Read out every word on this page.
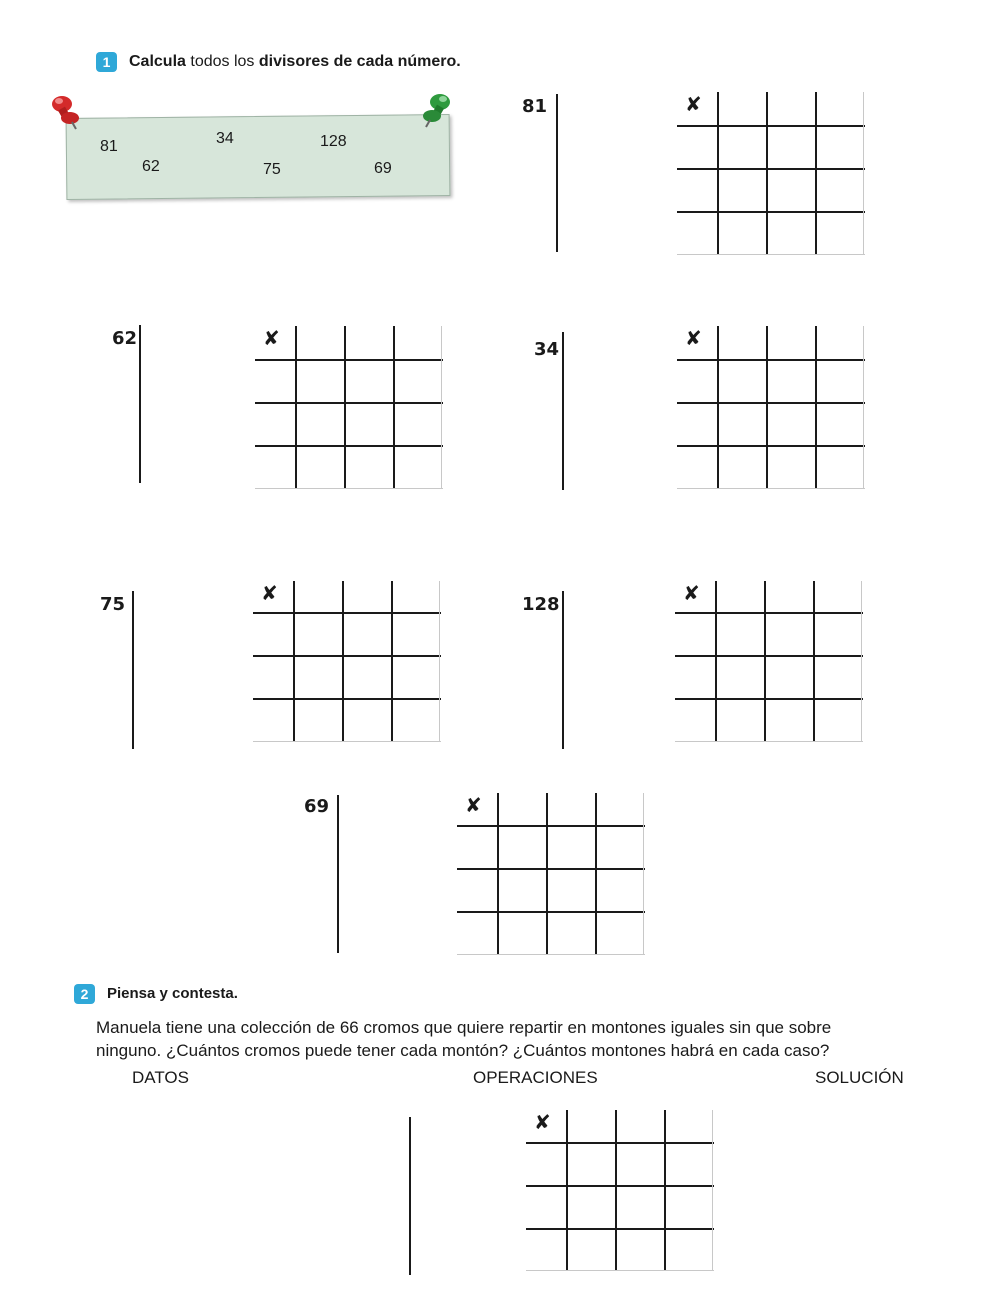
1	Calcula todos los divisores de cada número.
81	34	128
62	75	69
81	✘
62	✘	34	✘
75	✘	128	✘
69	✘
2	Piensa y contesta.
Manuela tiene una colección de 66 cromos que quiere repartir en montones iguales sin que sobre
ninguno. ¿Cuántos cromos puede tener cada montón? ¿Cuántos montones habrá en cada caso?
DATOS	OPERACIONES	SOLUCIÓN
✘
